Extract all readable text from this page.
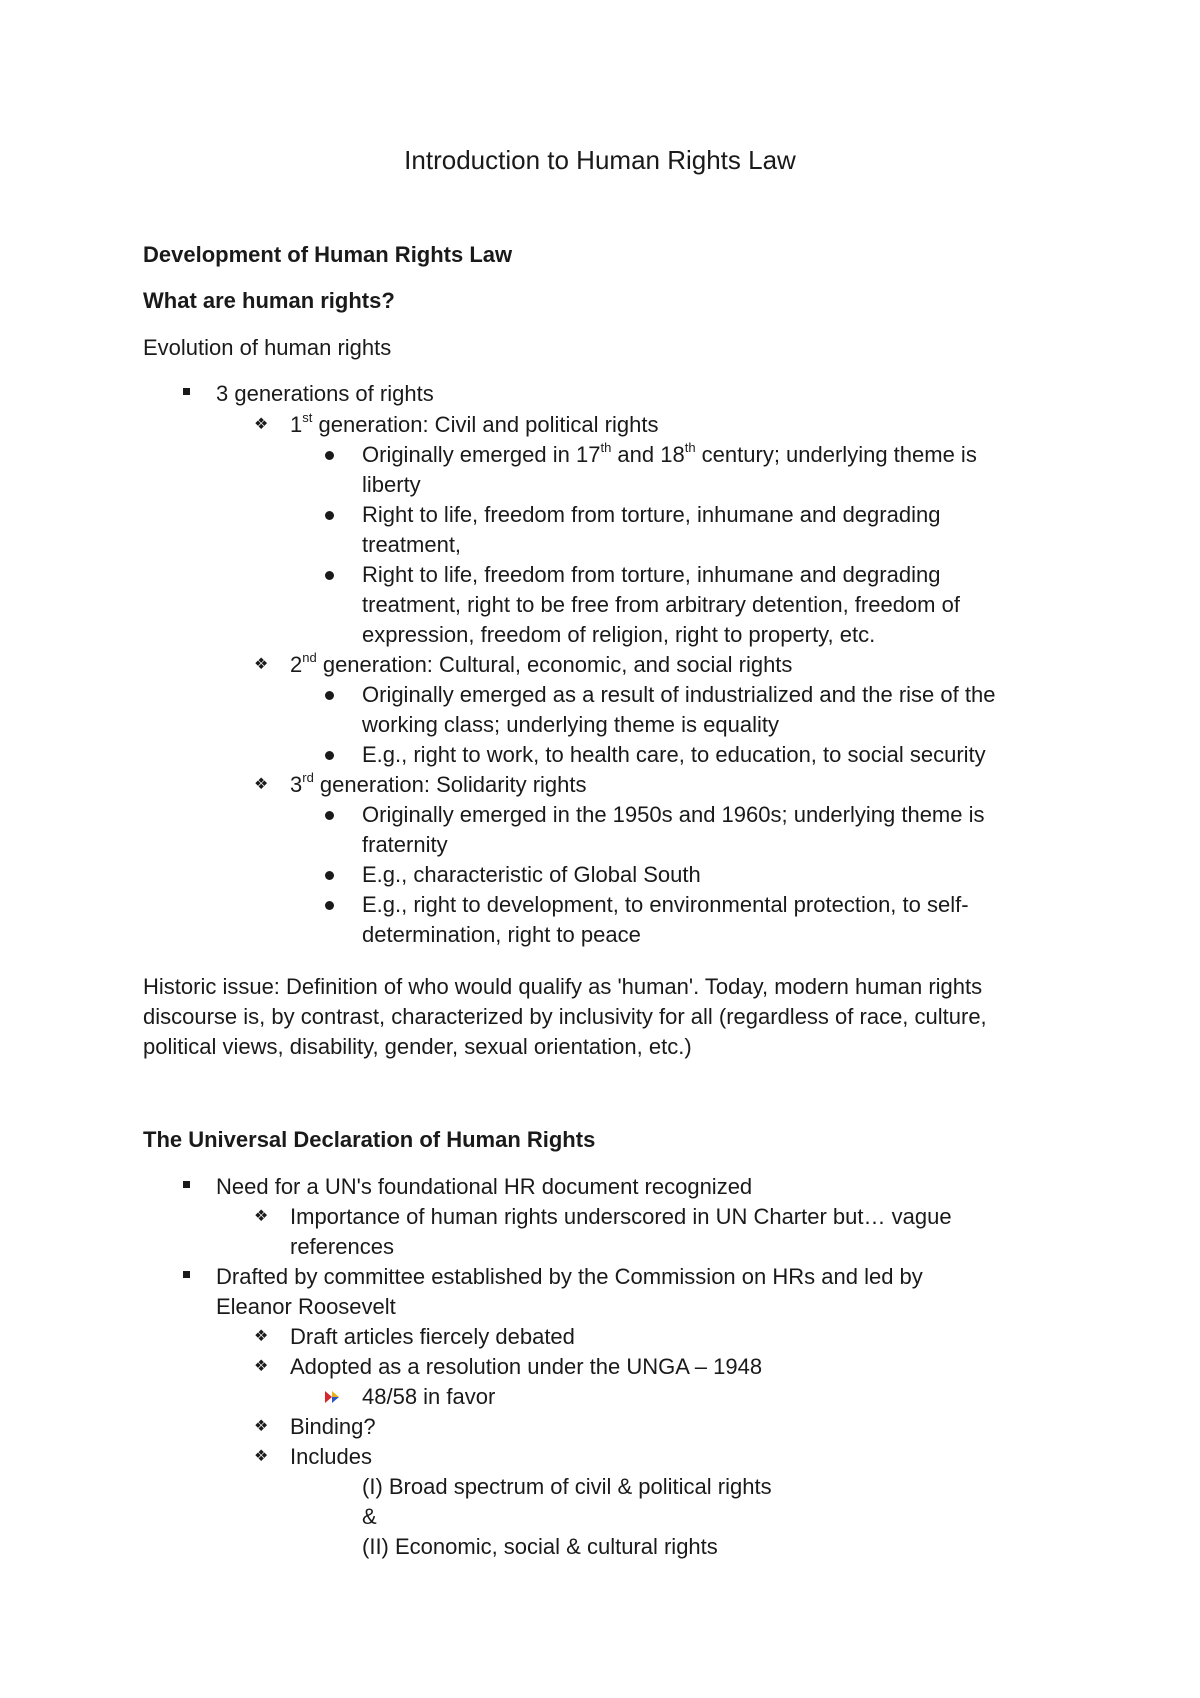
Introduction to Human Rights Law
Development of Human Rights Law
What are human rights?
Evolution of human rights
3 generations of rights
❖ 1st generation: Civil and political rights
Originally emerged in 17th and 18th century; underlying theme is
liberty
Right to life, freedom from torture, inhumane and degrading
treatment,
Right to life, freedom from torture, inhumane and degrading
treatment, right to be free from arbitrary detention, freedom of
expression, freedom of religion, right to property, etc.
❖ 2nd generation: Cultural, economic, and social rights
Originally emerged as a result of industrialized and the rise of the
working class; underlying theme is equality
E.g., right to work, to health care, to education, to social security
❖ 3rd generation: Solidarity rights
Originally emerged in the 1950s and 1960s; underlying theme is
fraternity
E.g., characteristic of Global South
E.g., right to development, to environmental protection, to self-
determination, right to peace
Historic issue: Definition of who would qualify as 'human'. Today, modern human rights discourse is, by contrast, characterized by inclusivity for all (regardless of race, culture, political views, disability, gender, sexual orientation, etc.)
The Universal Declaration of Human Rights
Need for a UN's foundational HR document recognized
❖ Importance of human rights underscored in UN Charter but… vague
references
Drafted by committee established by the Commission on HRs and led by
Eleanor Roosevelt
❖ Draft articles fiercely debated
❖ Adopted as a resolution under the UNGA – 1948
48/58 in favor
❖ Binding?
❖ Includes
(I) Broad spectrum of civil & political rights
&
(II) Economic, social & cultural rights
